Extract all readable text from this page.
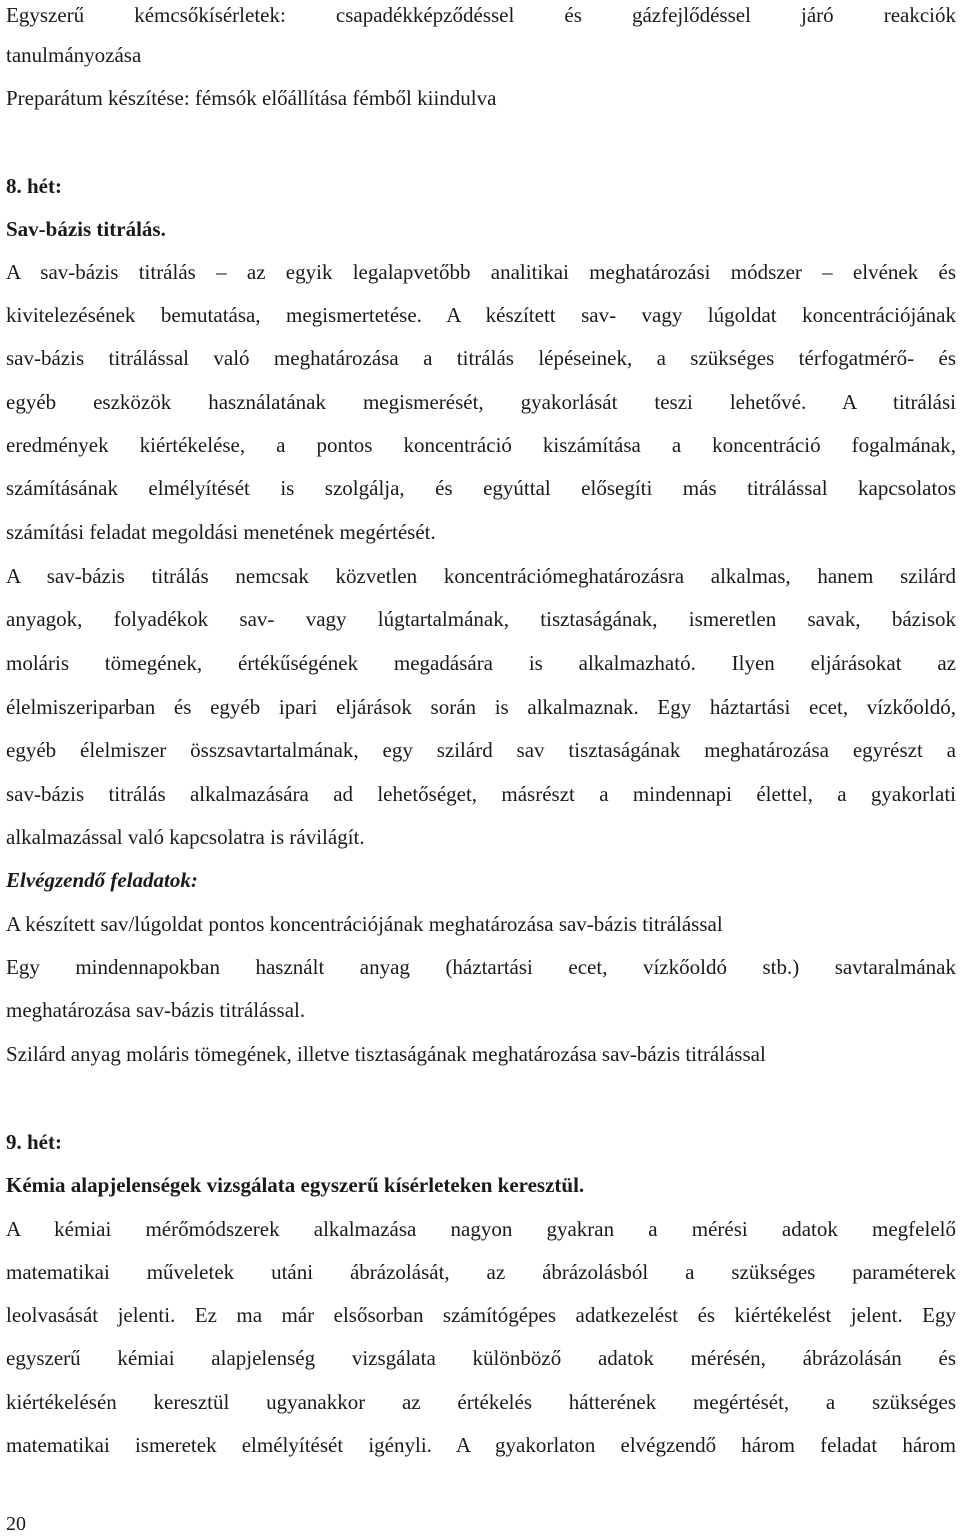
Egyszerű kémcsőkísérletek: csapadékképződéssel és gázfejlődéssel járó reakciók
tanulmányozása
Preparátum készítése: fémsók előállítása fémből kiindulva
8. hét:
Sav-bázis titrálás.
A sav-bázis titrálás – az egyik legalapvetőbb analitikai meghatározási módszer – elvének és
kivitelezésének bemutatása, megismertetése. A készített sav- vagy lúgoldat koncentrációjának
sav-bázis titrálással való meghatározása a titrálás lépéseinek, a szükséges térfogatmérő- és
egyéb eszközök használatának megismerését, gyakorlását teszi lehetővé. A titrálási
eredmények kiértékelése, a pontos koncentráció kiszámítása a koncentráció fogalmának,
számításának elmélyítését is szolgálja, és egyúttal elősegíti más titrálással kapcsolatos
számítási feladat megoldási menetének megértését.
A sav-bázis titrálás nemcsak közvetlen koncentrációmeghatározásra alkalmas, hanem szilárd
anyagok, folyadékok sav- vagy lúgtartalmának, tisztaságának, ismeretlen savak, bázisok
moláris tömegének, értékűségének megadására is alkalmazható. Ilyen eljárásokat az
élelmiszeriparban és egyéb ipari eljárások során is alkalmaznak. Egy háztartási ecet, vízkőoldó,
egyéb élelmiszer összsavtartalmának, egy szilárd sav tisztaságának meghatározása egyrészt a
sav-bázis titrálás alkalmazására ad lehetőséget, másrészt a mindennapi élettel, a gyakorlati
alkalmazással való kapcsolatra is rávilágít.
Elvégzendő feladatok:
A készített sav/lúgoldat pontos koncentrációjának meghatározása sav-bázis titrálással
Egy mindennapokban használt anyag (háztartási ecet, vízkőoldó stb.) savtaralmának
meghatározása sav-bázis titrálással.
Szilárd anyag moláris tömegének, illetve tisztaságának meghatározása sav-bázis titrálással
9. hét:
Kémia alapjelenségek vizsgálata egyszerű kísérleteken keresztül.
A kémiai mérőmódszerek alkalmazása nagyon gyakran a mérési adatok megfelelő
matematikai műveletek utáni ábrázolását, az ábrázolásból a szükséges paraméterek
leolvasását jelenti. Ez ma már elsősorban számítógépes adatkezelést és kiértékelést jelent. Egy
egyszerű kémiai alapjelenség vizsgálata különböző adatok mérésén, ábrázolásán és
kiértékelésén keresztül ugyanakkor az értékelés hátterének megértését, a szükséges
matematikai ismeretek elmélyítését igényli. A gyakorlaton elvégzendő három feladat három
20
